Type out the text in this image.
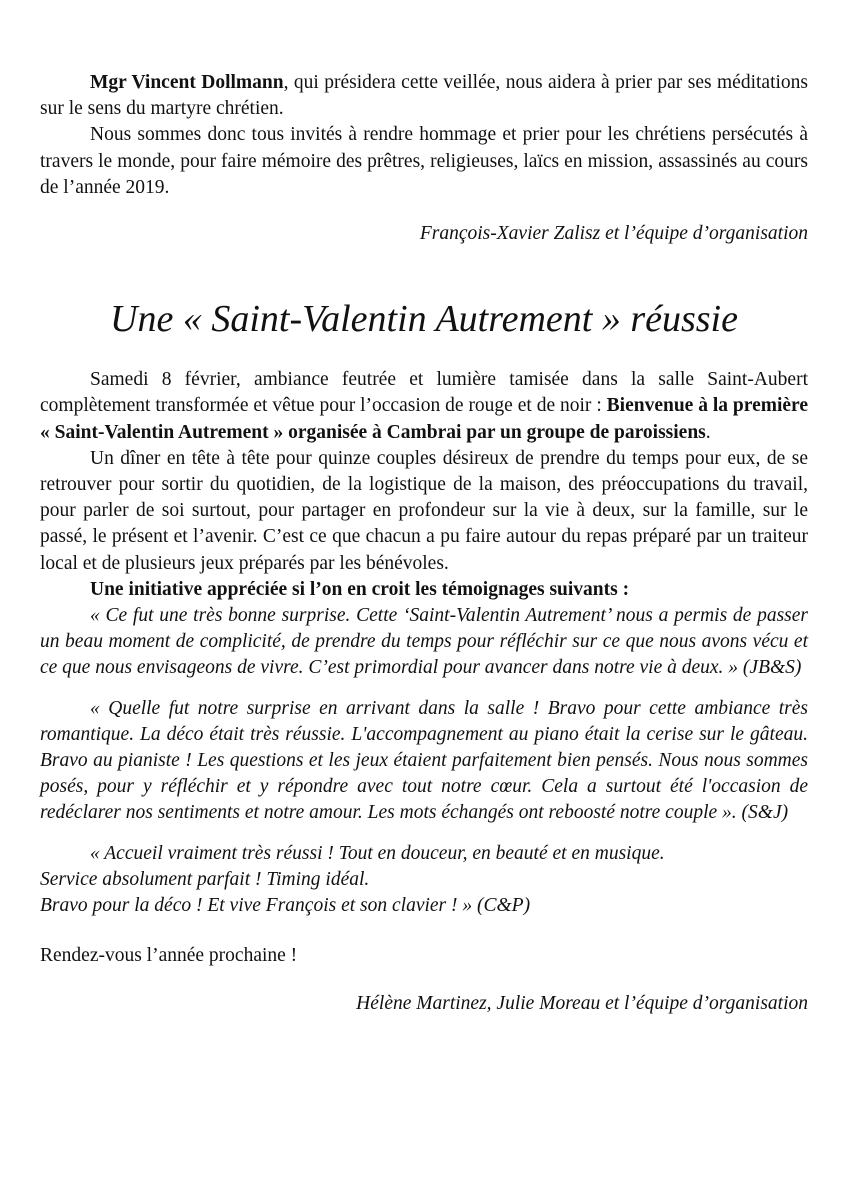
Mgr Vincent Dollmann, qui présidera cette veillée, nous aidera à prier par ses méditations sur le sens du martyre chrétien.

Nous sommes donc tous invités à rendre hommage et prier pour les chrétiens persécutés à travers le monde, pour faire mémoire des prêtres, religieuses, laïcs en mission, assassinés au cours de l’année 2019.

François-Xavier Zalisz et l’équipe d’organisation

Une « Saint-Valentin Autrement » réussie

Samedi 8 février, ambiance feutrée et lumière tamisée dans la salle Saint-Aubert complètement transformée et vêtue pour l’occasion de rouge et de noir : Bienvenue à la première « Saint-Valentin Autrement » organisée à Cambrai par un groupe de paroissiens.

Un dîner en tête à tête pour quinze couples désireux de prendre du temps pour eux, de se retrouver pour sortir du quotidien, de la logistique de la maison, des préoccupations du travail, pour parler de soi surtout, pour partager en profondeur sur la vie à deux, sur la famille, sur le passé, le présent et l’avenir. C’est ce que chacun a pu faire autour du repas préparé par un traiteur local et de plusieurs jeux préparés par les bénévoles.

Une initiative appréciée si l’on en croit les témoignages suivants :

« Ce fut une très bonne surprise. Cette ‘Saint-Valentin Autrement’ nous a permis de passer un beau moment de complicité, de prendre du temps pour réfléchir sur ce que nous avons vécu et ce que nous envisageons de vivre. C’est primordial pour avancer dans notre vie à deux. » (JB&S)

« Quelle fut notre surprise en arrivant dans la salle ! Bravo pour cette ambiance très romantique. La déco était très réussie. L'accompagnement au piano était la cerise sur le gâteau. Bravo au pianiste ! Les questions et les jeux étaient parfaitement bien pensés. Nous nous sommes posés, pour y réfléchir et y répondre avec tout notre cœur. Cela a surtout été l'occasion de redéclarer nos sentiments et notre amour. Les mots échangés ont reboosté notre couple ». (S&J)

« Accueil vraiment très réussi ! Tout en douceur, en beauté et en musique.

Service absolument parfait ! Timing idéal.

Bravo pour la déco ! Et vive François et son clavier ! » (C&P)

Rendez-vous l’année prochaine !

Hélène Martinez, Julie Moreau et l’équipe d’organisation
